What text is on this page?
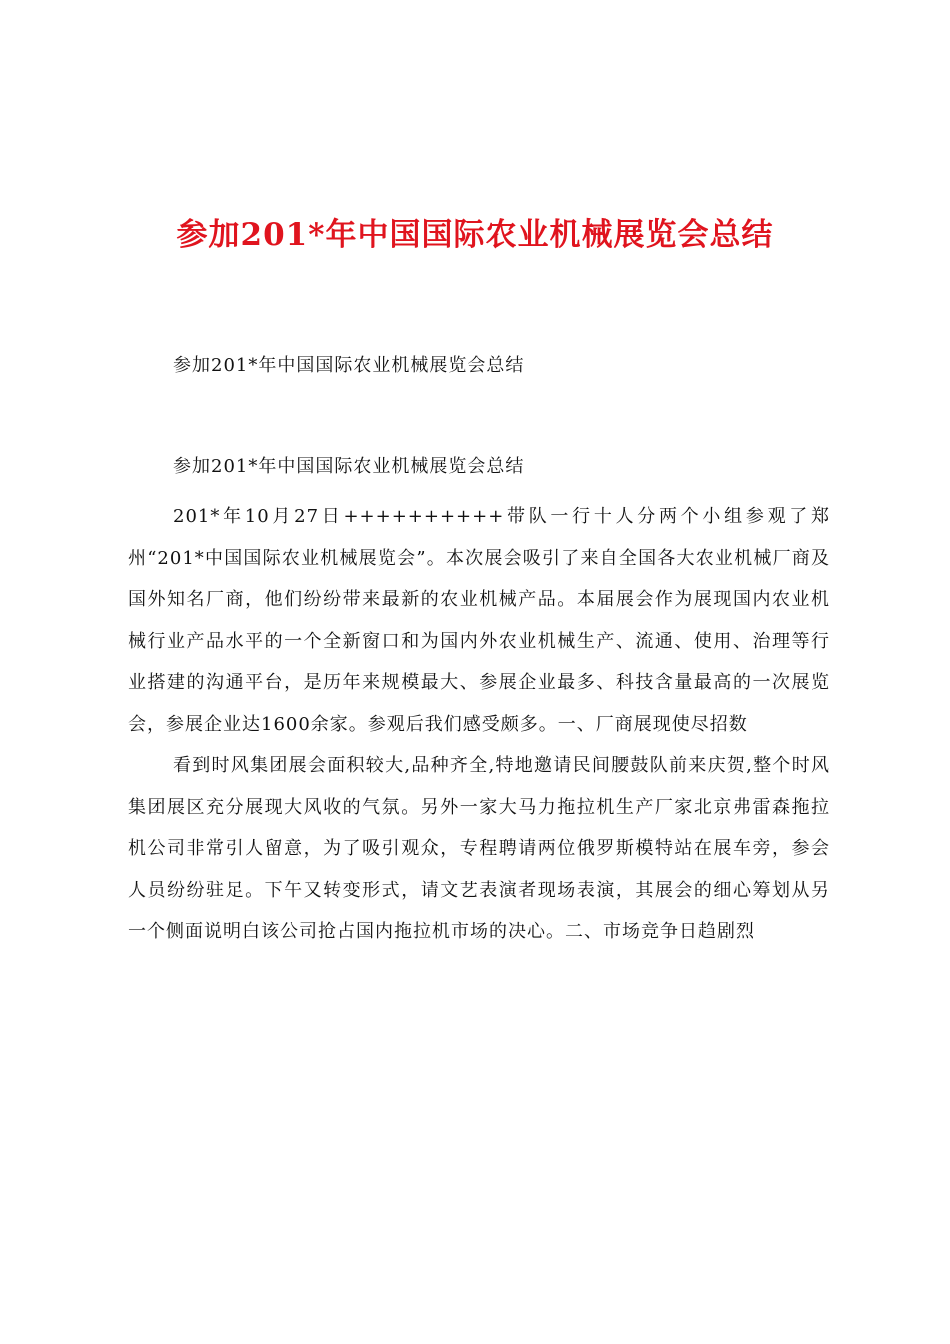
参加201*年中国国际农业机械展览会总结
参加201*年中国国际农业机械展览会总结
参加201*年中国国际农业机械展览会总结

201*年10月27日++++++++++带队一行十人分两个小组参观了郑州“201*中国国际农业机械展览会”。本次展会吸引了来自全国各大农业机械厂商及国外知名厂商，他们纷纷带来最新的农业机械产品。本届展会作为展现国内农业机械行业产品水平的一个全新窗口和为国内外农业机械生产、流通、使用、治理等行业搭建的沟通平台，是历年来规模最大、参展企业最多、科技含量最高的一次展览会，参展企业达1600余家。参观后我们感受颇多。一、厂商展现使尽招数

看到时风集团展会面积较大,品种齐全,特地邀请民间腰鼓队前来庆贺,整个时风集团展区充分展现大风收的气氛。另外一家大马力拖拉机生产厂家北京弗雷森拖拉机公司非常引人留意，为了吸引观众，专程聘请两位俄罗斯模特站在展车旁，参会人员纷纷驻足。下午又转变形式，请文艺表演者现场表演，其展会的细心筹划从另一个侧面说明白该公司抢占国内拖拉机市场的决心。二、市场竞争日趋剧烈
